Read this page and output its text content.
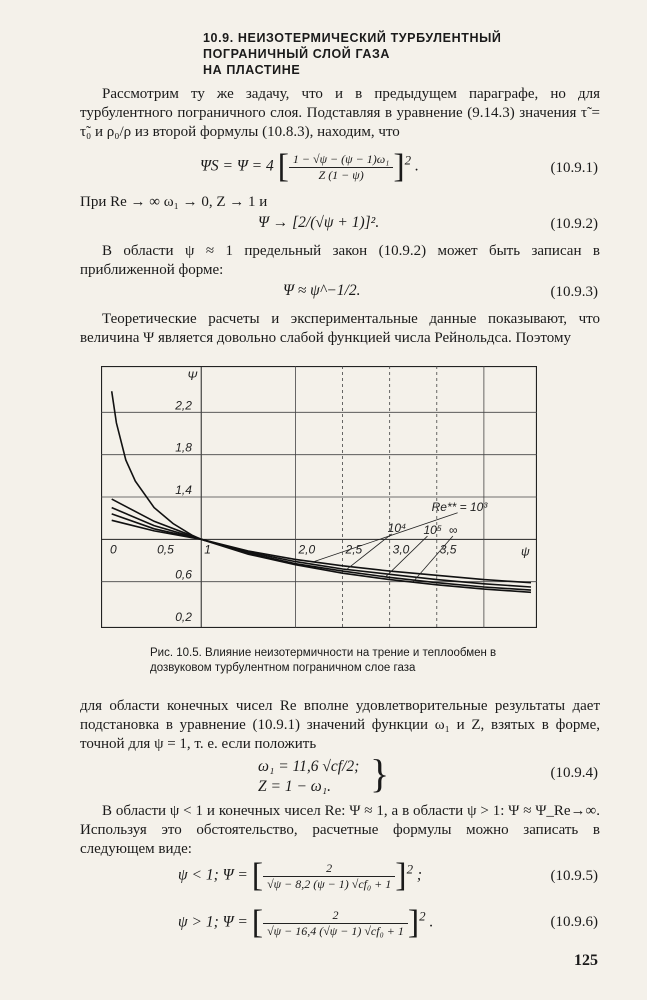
10.9. НЕИЗОТЕРМИЧЕСКИЙ ТУРБУЛЕНТНЫЙ
ПОГРАНИЧНЫЙ СЛОЙ ГАЗА
НА ПЛАСТИНЕ

Рассмотрим ту же задачу, что и в предыдущем параграфе, но для турбулентного пограничного слоя. Подставляя в уравнение (9.14.3) значения τ̃ = τ̃₀ и ρ₀/ρ из второй формулы (10.8.3), находим, что

ΨS = Ψ = 4 [ $\frac{\text{1 − √ψ − (ψ − 1)ω₁}}{Z (1 - \psi)} ]^2$ .	(10.9.1)

При Re → ∞ ω₁ → 0, Z → 1 и

Ψ → [2/(√ψ + 1)]².	(10.9.2)

В области ψ ≈ 1 предельный закон (10.9.2) может быть записан в приближенной форме:

Ψ ≈ ψ^−1/2.	(10.9.3)

Теоретические расчеты и экспериментальные данные показывают, что величина Ψ является довольно слабой функцией числа Рейнольдса. Поэтому

0	0,5	1	2,0	2,5	3,0	3,5
2,2
1,8
1,4
0,6
0,2
Re** = 10³
10⁴ 10⁵ ∞
Ψ
ψ

Рис. 10.5. Влияние неизотермичности на трение и теплообмен в дозвуковом турбулентном пограничном слое газа

для области конечных чисел Re вполне удовлетворительные результаты дает подстановка в уравнение (10.9.1) значений функции ω₁ и Z, взятых в форме, точной для ψ = 1, т. е. если положить

ω₁ = 11,6 √cf/2;
Z = 1 − ω₁. }	(10.9.4)

В области ψ < 1 и конечных чисел Re: Ψ ≈ 1, а в области ψ > 1: Ψ ≈ Ψ_Re→∞. Используя это обстоятельство, расчетные формулы можно записать в следующем виде:

ψ < 1; Ψ = [ $\frac{2}{\text{√ψ − 8,2 (ψ − 1) √cf₀ + 1}} ]^2$ ;	(10.9.5)
ψ > 1; Ψ = [ $\frac{2}{\text{√ψ − 16,4 (√ψ − 1) √cf₀ + 1}} ]^2$ .	(10.9.6)
125
